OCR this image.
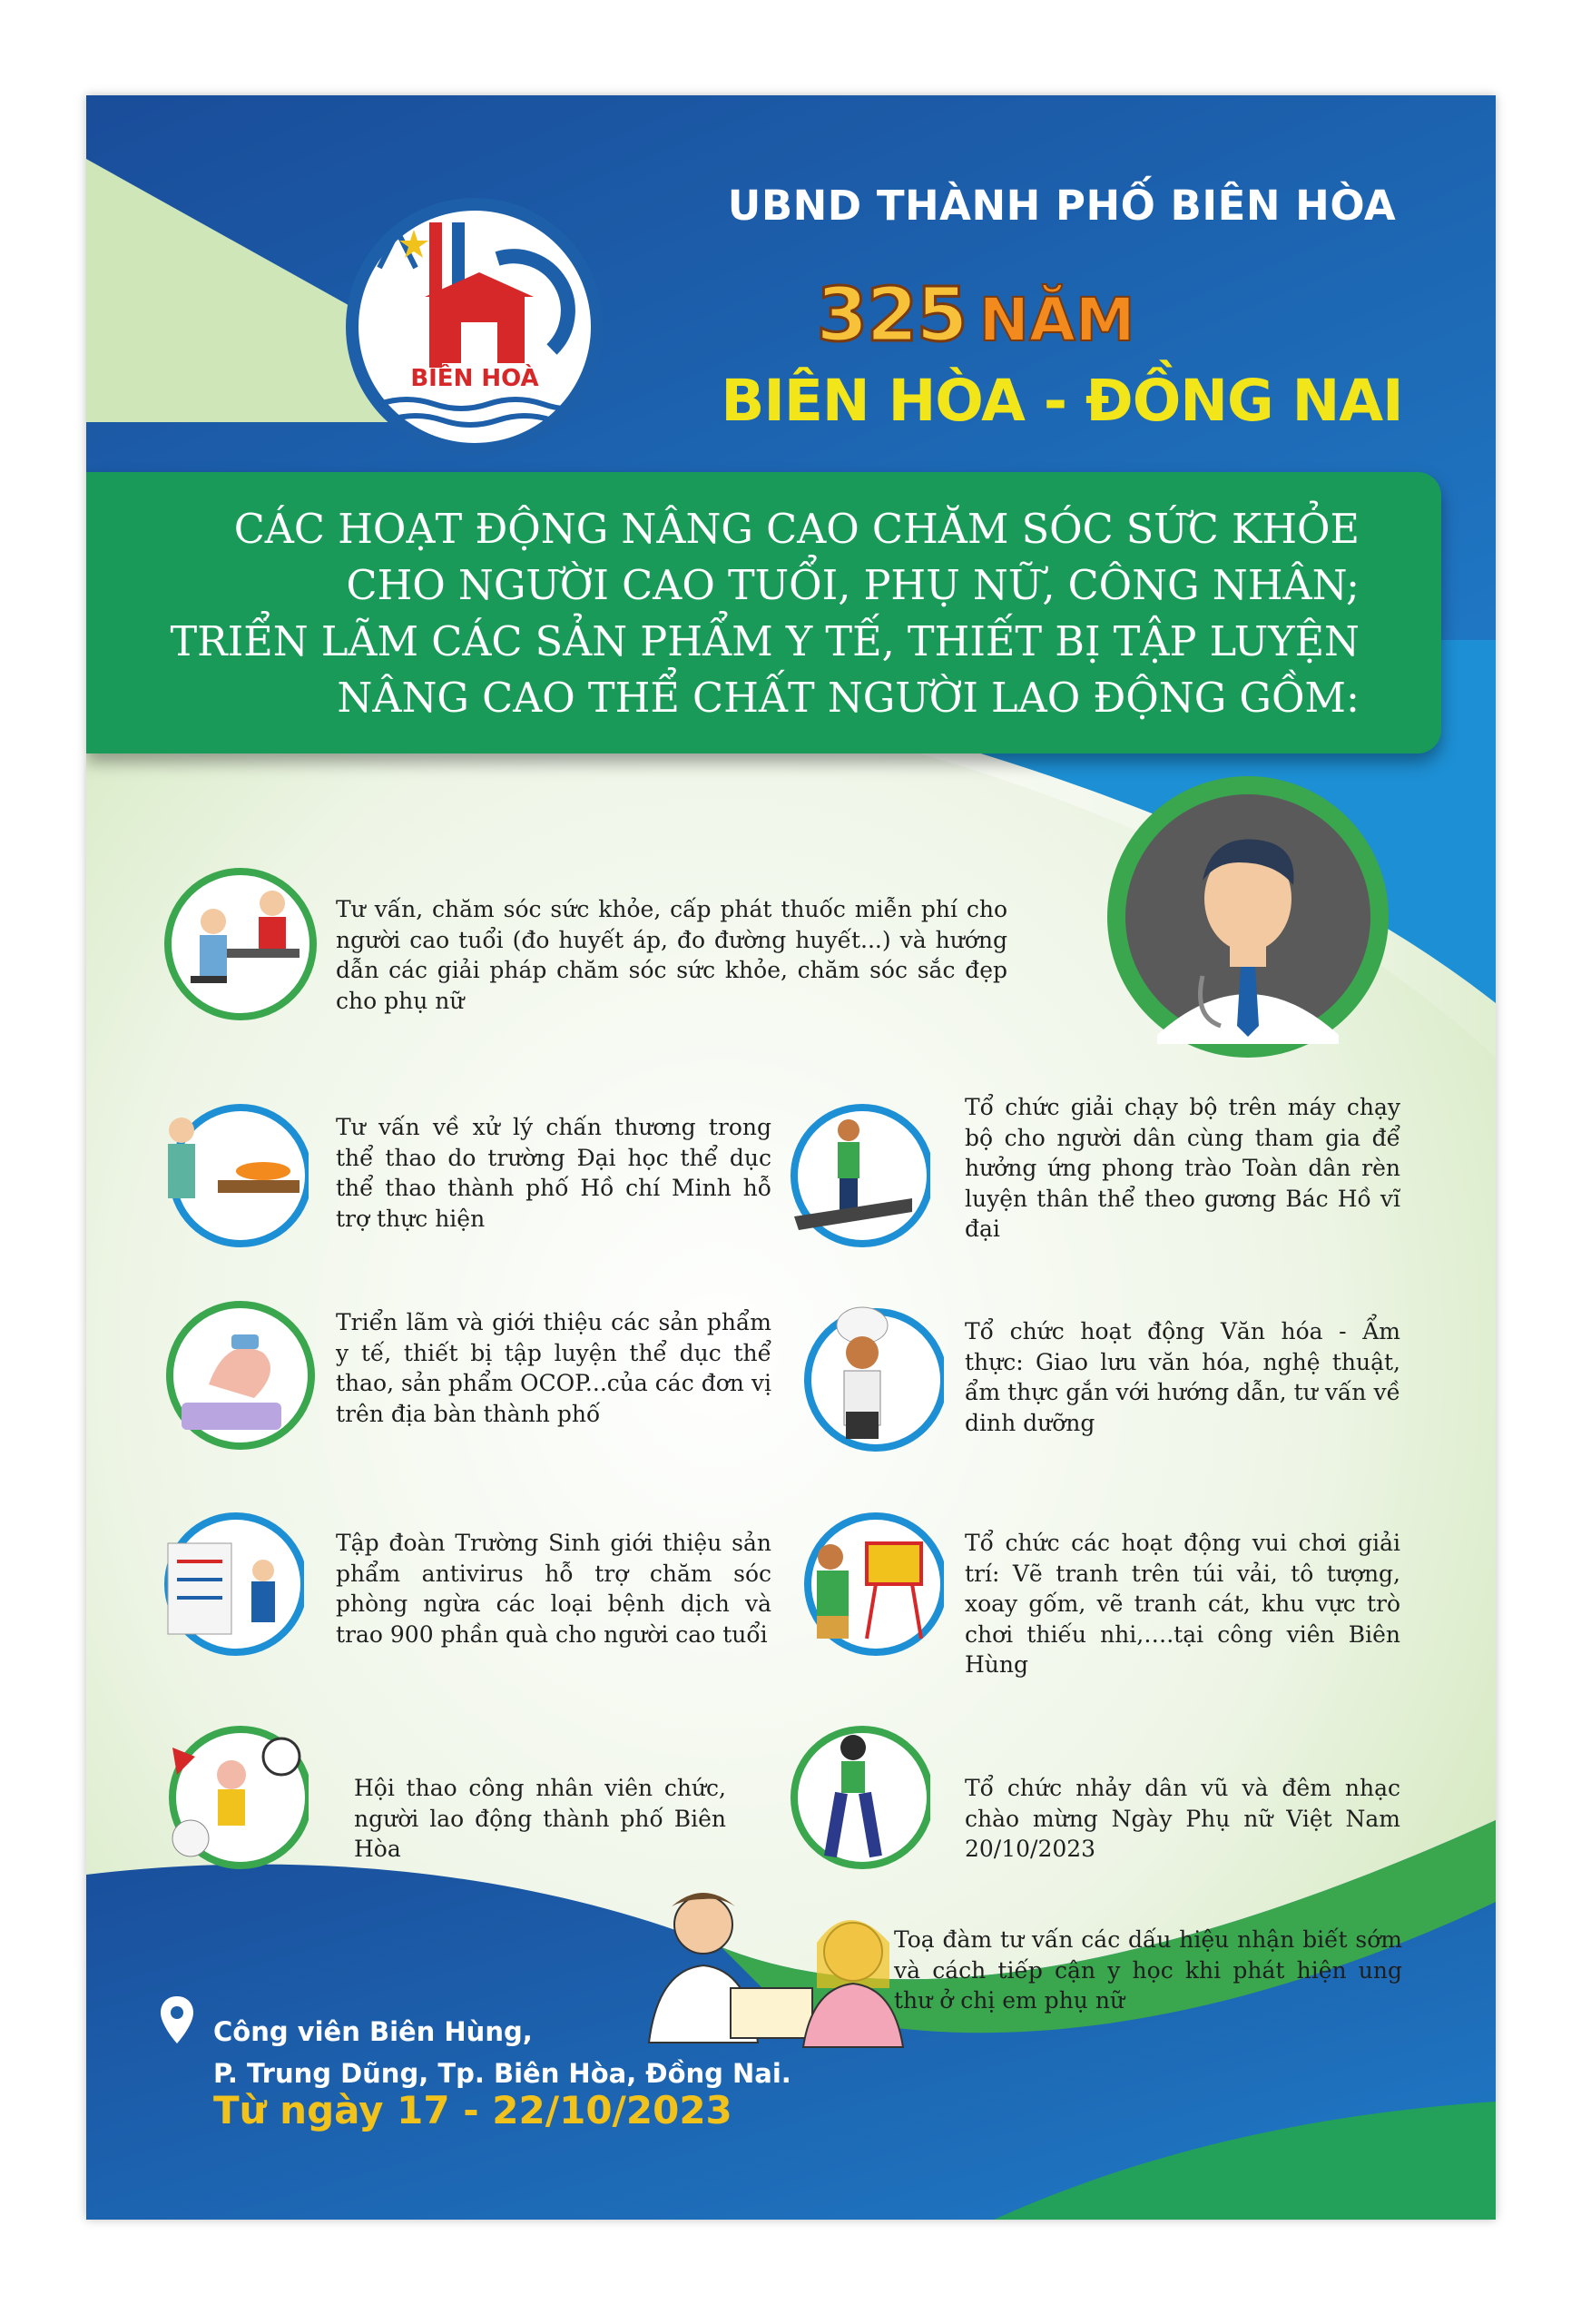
BIÊN HOÀ
UBND THÀNH PHỐ BIÊN HÒA
325 NĂM
BIÊN HÒA - ĐỒNG NAI
CÁC HOẠT ĐỘNG NÂNG CAO CHĂM SÓC SỨC KHỎE
CHO NGƯỜI CAO TUỔI, PHỤ NỮ, CÔNG NHÂN;
TRIỂN LÃM CÁC SẢN PHẨM Y TẾ, THIẾT BỊ TẬP LUYỆN
NÂNG CAO THỂ CHẤT NGƯỜI LAO ĐỘNG GỒM:
Tư vấn, chăm sóc sức khỏe, cấp phát thuốc miễn phí cho người cao tuổi (đo huyết áp, đo đường huyết...) và hướng dẫn các giải pháp chăm sóc sức khỏe, chăm sóc sắc đẹp cho phụ nữ
Tư vấn về xử lý chấn thương trong thể thao do trường Đại học thể dục thể thao thành phố Hồ chí Minh hỗ trợ thực hiện
Tổ chức giải chạy bộ trên máy chạy bộ cho người dân cùng tham gia để hưởng ứng phong trào Toàn dân rèn luyện thân thể theo gương Bác Hồ vĩ đại
Triển lãm và giới thiệu các sản phẩm y tế, thiết bị tập luyện thể dục thể thao, sản phẩm OCOP...của các đơn vị trên địa bàn thành phố
Tổ chức hoạt động Văn hóa - Ẩm thực: Giao lưu văn hóa, nghệ thuật, ẩm thực gắn với hướng dẫn, tư vấn về dinh dưỡng
Tập đoàn Trường Sinh giới thiệu sản phẩm antivirus hỗ trợ chăm sóc phòng ngừa các loại bệnh dịch và trao 900 phần quà cho người cao tuổi
Tổ chức các hoạt động vui chơi giải trí: Vẽ tranh trên túi vải, tô tượng, xoay gốm, vẽ tranh cát, khu vực trò chơi thiếu nhi,….tại công viên Biên Hùng
Hội thao công nhân viên chức, người lao động thành phố Biên Hòa
Tổ chức nhảy dân vũ và đêm nhạc chào mừng Ngày Phụ nữ Việt Nam 20/10/2023
Toạ đàm tư vấn các dấu hiệu nhận biết sớm và cách tiếp cận y học khi phát hiện ung thư ở chị em phụ nữ
Công viên Biên Hùng,
P. Trung Dũng, Tp. Biên Hòa, Đồng Nai.
Từ ngày 17 - 22/10/2023
